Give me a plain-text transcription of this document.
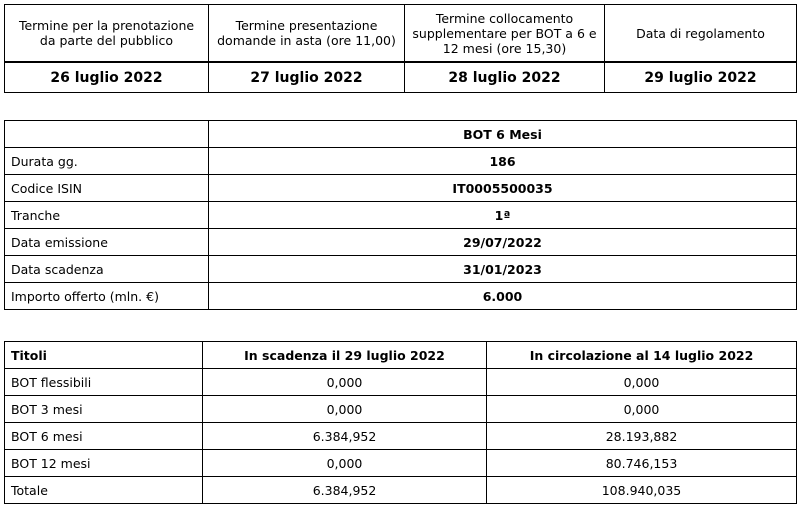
Termine per la prenotazione da parte del pubblico	Termine presentazione domande in asta (ore 11,00)	Termine collocamento supplementare per BOT a 6 e 12 mesi (ore 15,30)	Data di regolamento
26 luglio 2022	27 luglio 2022	28 luglio 2022	29 luglio 2022
	BOT 6 Mesi
Durata gg.	186
Codice ISIN	IT0005500035
Tranche	1ª
Data emissione	29/07/2022
Data scadenza	31/01/2023
Importo offerto (mln. €)	6.000
Titoli	In scadenza il 29 luglio 2022	In circolazione al 14 luglio 2022
BOT flessibili	0,000	0,000
BOT 3 mesi	0,000	0,000
BOT 6 mesi	6.384,952	28.193,882
BOT 12 mesi	0,000	80.746,153
Totale	6.384,952	108.940,035
